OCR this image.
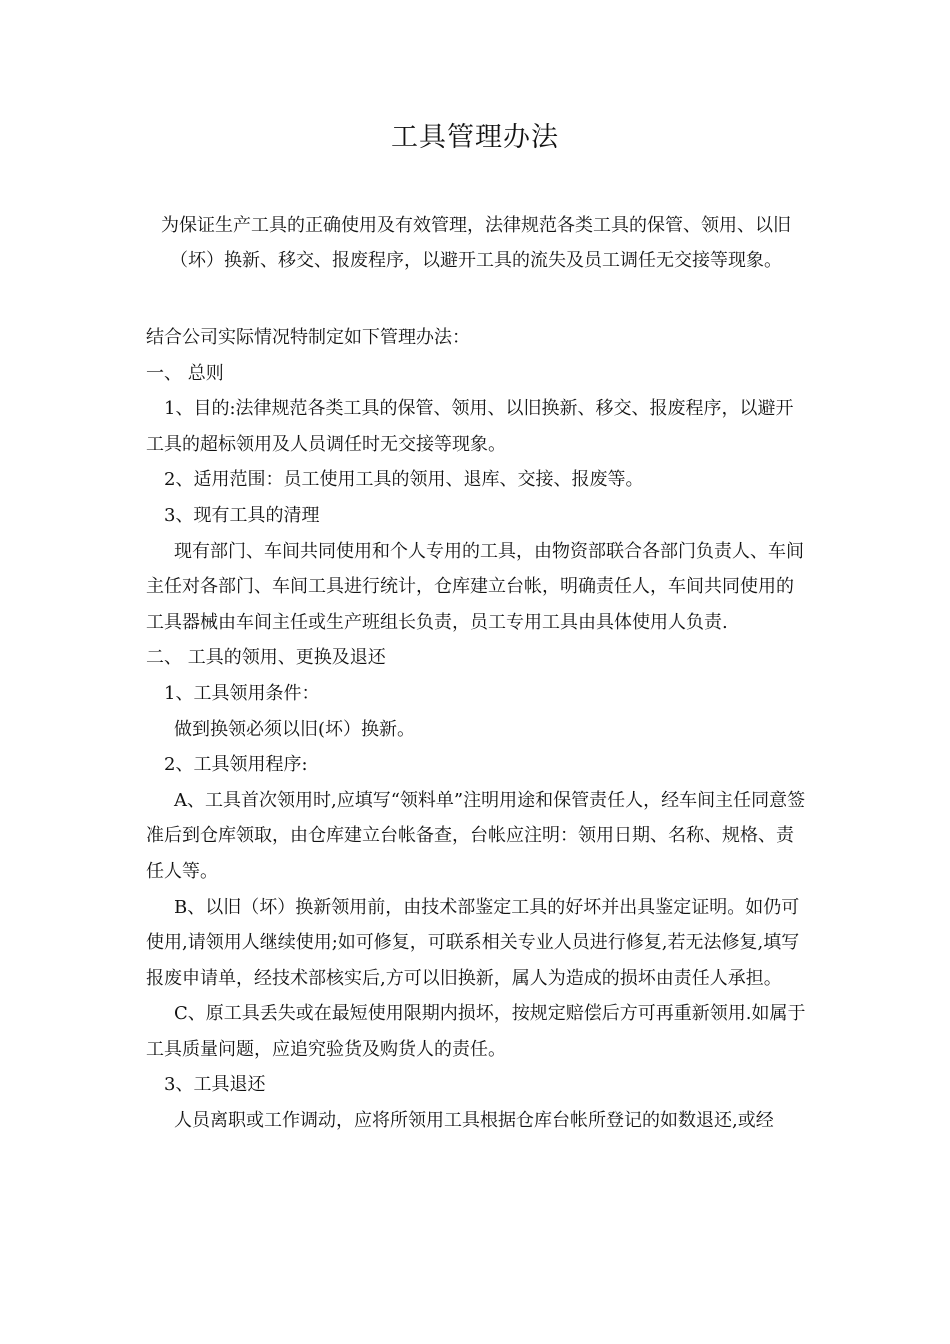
工具管理办法
为保证生产工具的正确使用及有效管理，法律规范各类工具的保管、领用、以旧（坏）换新、移交、报废程序，以避开工具的流失及员工调任无交接等现象。

结合公司实际情况特制定如下管理办法：

一、 总则

1、目的:法律规范各类工具的保管、领用、以旧换新、移交、报废程序，以避开工具的超标领用及人员调任时无交接等现象。

2、适用范围：员工使用工具的领用、退库、交接、报废等。

3、现有工具的清理

现有部门、车间共同使用和个人专用的工具，由物资部联合各部门负责人、车间主任对各部门、车间工具进行统计，仓库建立台帐，明确责任人，车间共同使用的工具器械由车间主任或生产班组长负责，员工专用工具由具体使用人负责.

二、 工具的领用、更换及退还

1、工具领用条件：

做到换领必须以旧(坏）换新。

2、工具领用程序:

A、工具首次领用时,应填写“领料单”注明用途和保管责任人，经车间主任同意签准后到仓库领取，由仓库建立台帐备查，台帐应注明：领用日期、名称、规格、责任人等。

B、以旧（坏）换新领用前，由技术部鉴定工具的好坏并出具鉴定证明。如仍可使用,请领用人继续使用;如可修复，可联系相关专业人员进行修复,若无法修复,填写报废申请单，经技术部核实后,方可以旧换新，属人为造成的损坏由责任人承担。

C、原工具丢失或在最短使用限期内损坏，按规定赔偿后方可再重新领用.如属于工具质量问题，应追究验货及购货人的责任。

3、工具退还

人员离职或工作调动，应将所领用工具根据仓库台帐所登记的如数退还,或经
